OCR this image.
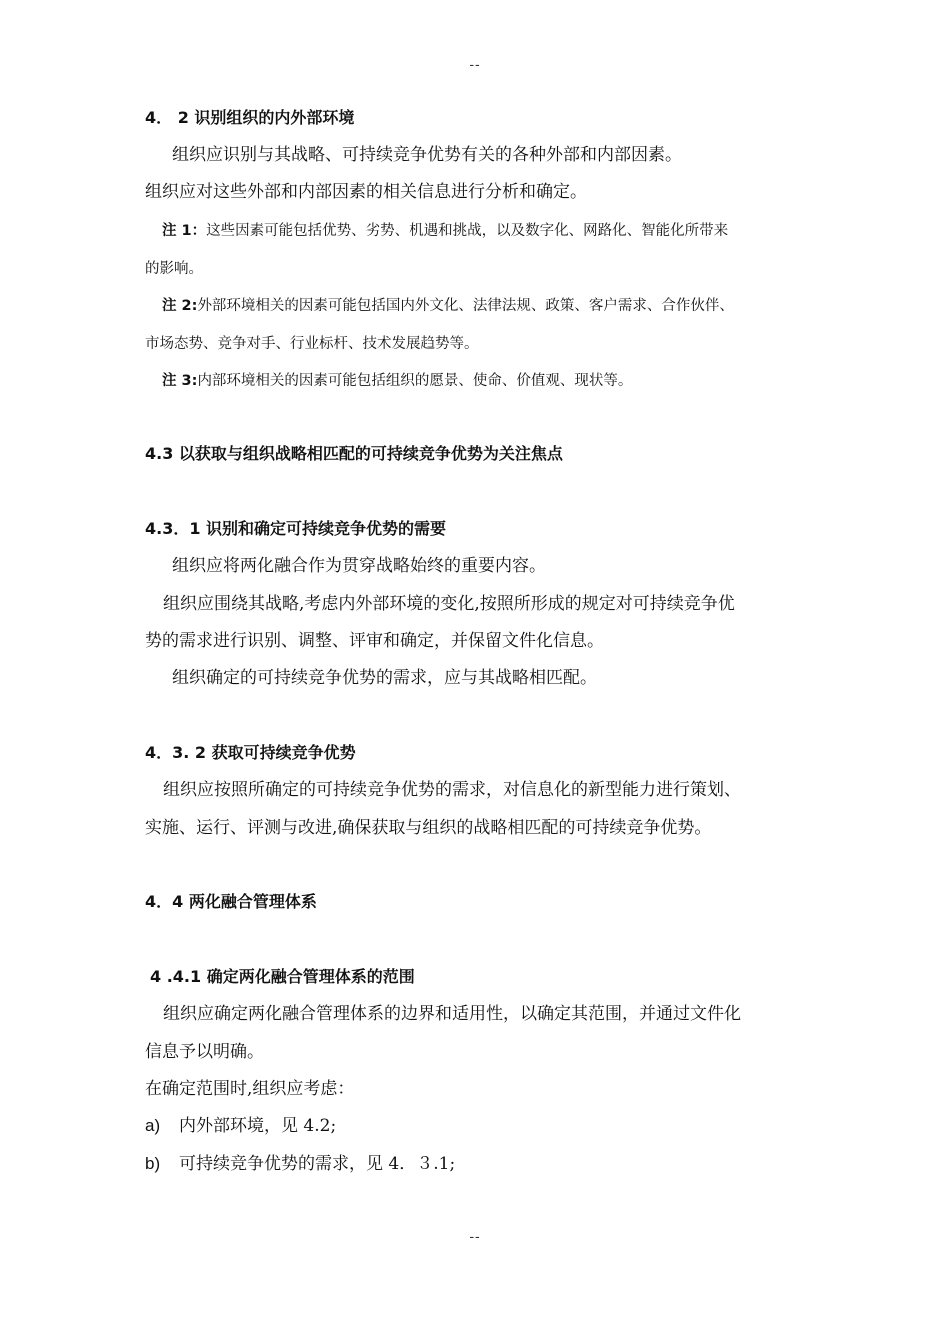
--
4． 2 识别组织的内外部环境
组织应识别与其战略、可持续竞争优势有关的各种外部和内部因素。
组织应对这些外部和内部因素的相关信息进行分析和确定。
注 1：这些因素可能包括优势、劣势、机遇和挑战，以及数字化、网路化、智能化所带来
的影响。
注 2:外部环境相关的因素可能包括国内外文化、法律法规、政策、客户需求、合作伙伴、
市场态势、竞争对手、行业标杆、技术发展趋势等。
注 3:内部环境相关的因素可能包括组织的愿景、使命、价值观、现状等。
4.3 以获取与组织战略相匹配的可持续竞争优势为关注焦点
4.3．1 识别和确定可持续竞争优势的需要
组织应将两化融合作为贯穿战略始终的重要内容。
组织应围绕其战略,考虑内外部环境的变化,按照所形成的规定对可持续竞争优
势的需求进行识别、调整、评审和确定，并保留文件化信息。
组织确定的可持续竞争优势的需求，应与其战略相匹配。
4．3. 2 获取可持续竞争优势
组织应按照所确定的可持续竞争优势的需求，对信息化的新型能力进行策划、
实施、运行、评测与改进,确保获取与组织的战略相匹配的可持续竞争优势。
4．4 两化融合管理体系
4 .4.1 确定两化融合管理体系的范围
组织应确定两化融合管理体系的边界和适用性，以确定其范围，并通过文件化
信息予以明确。
在确定范围时,组织应考虑：
a) 内外部环境，见 4.2;
b) 可持续竞争优势的需求，见 4．３.1;
--
